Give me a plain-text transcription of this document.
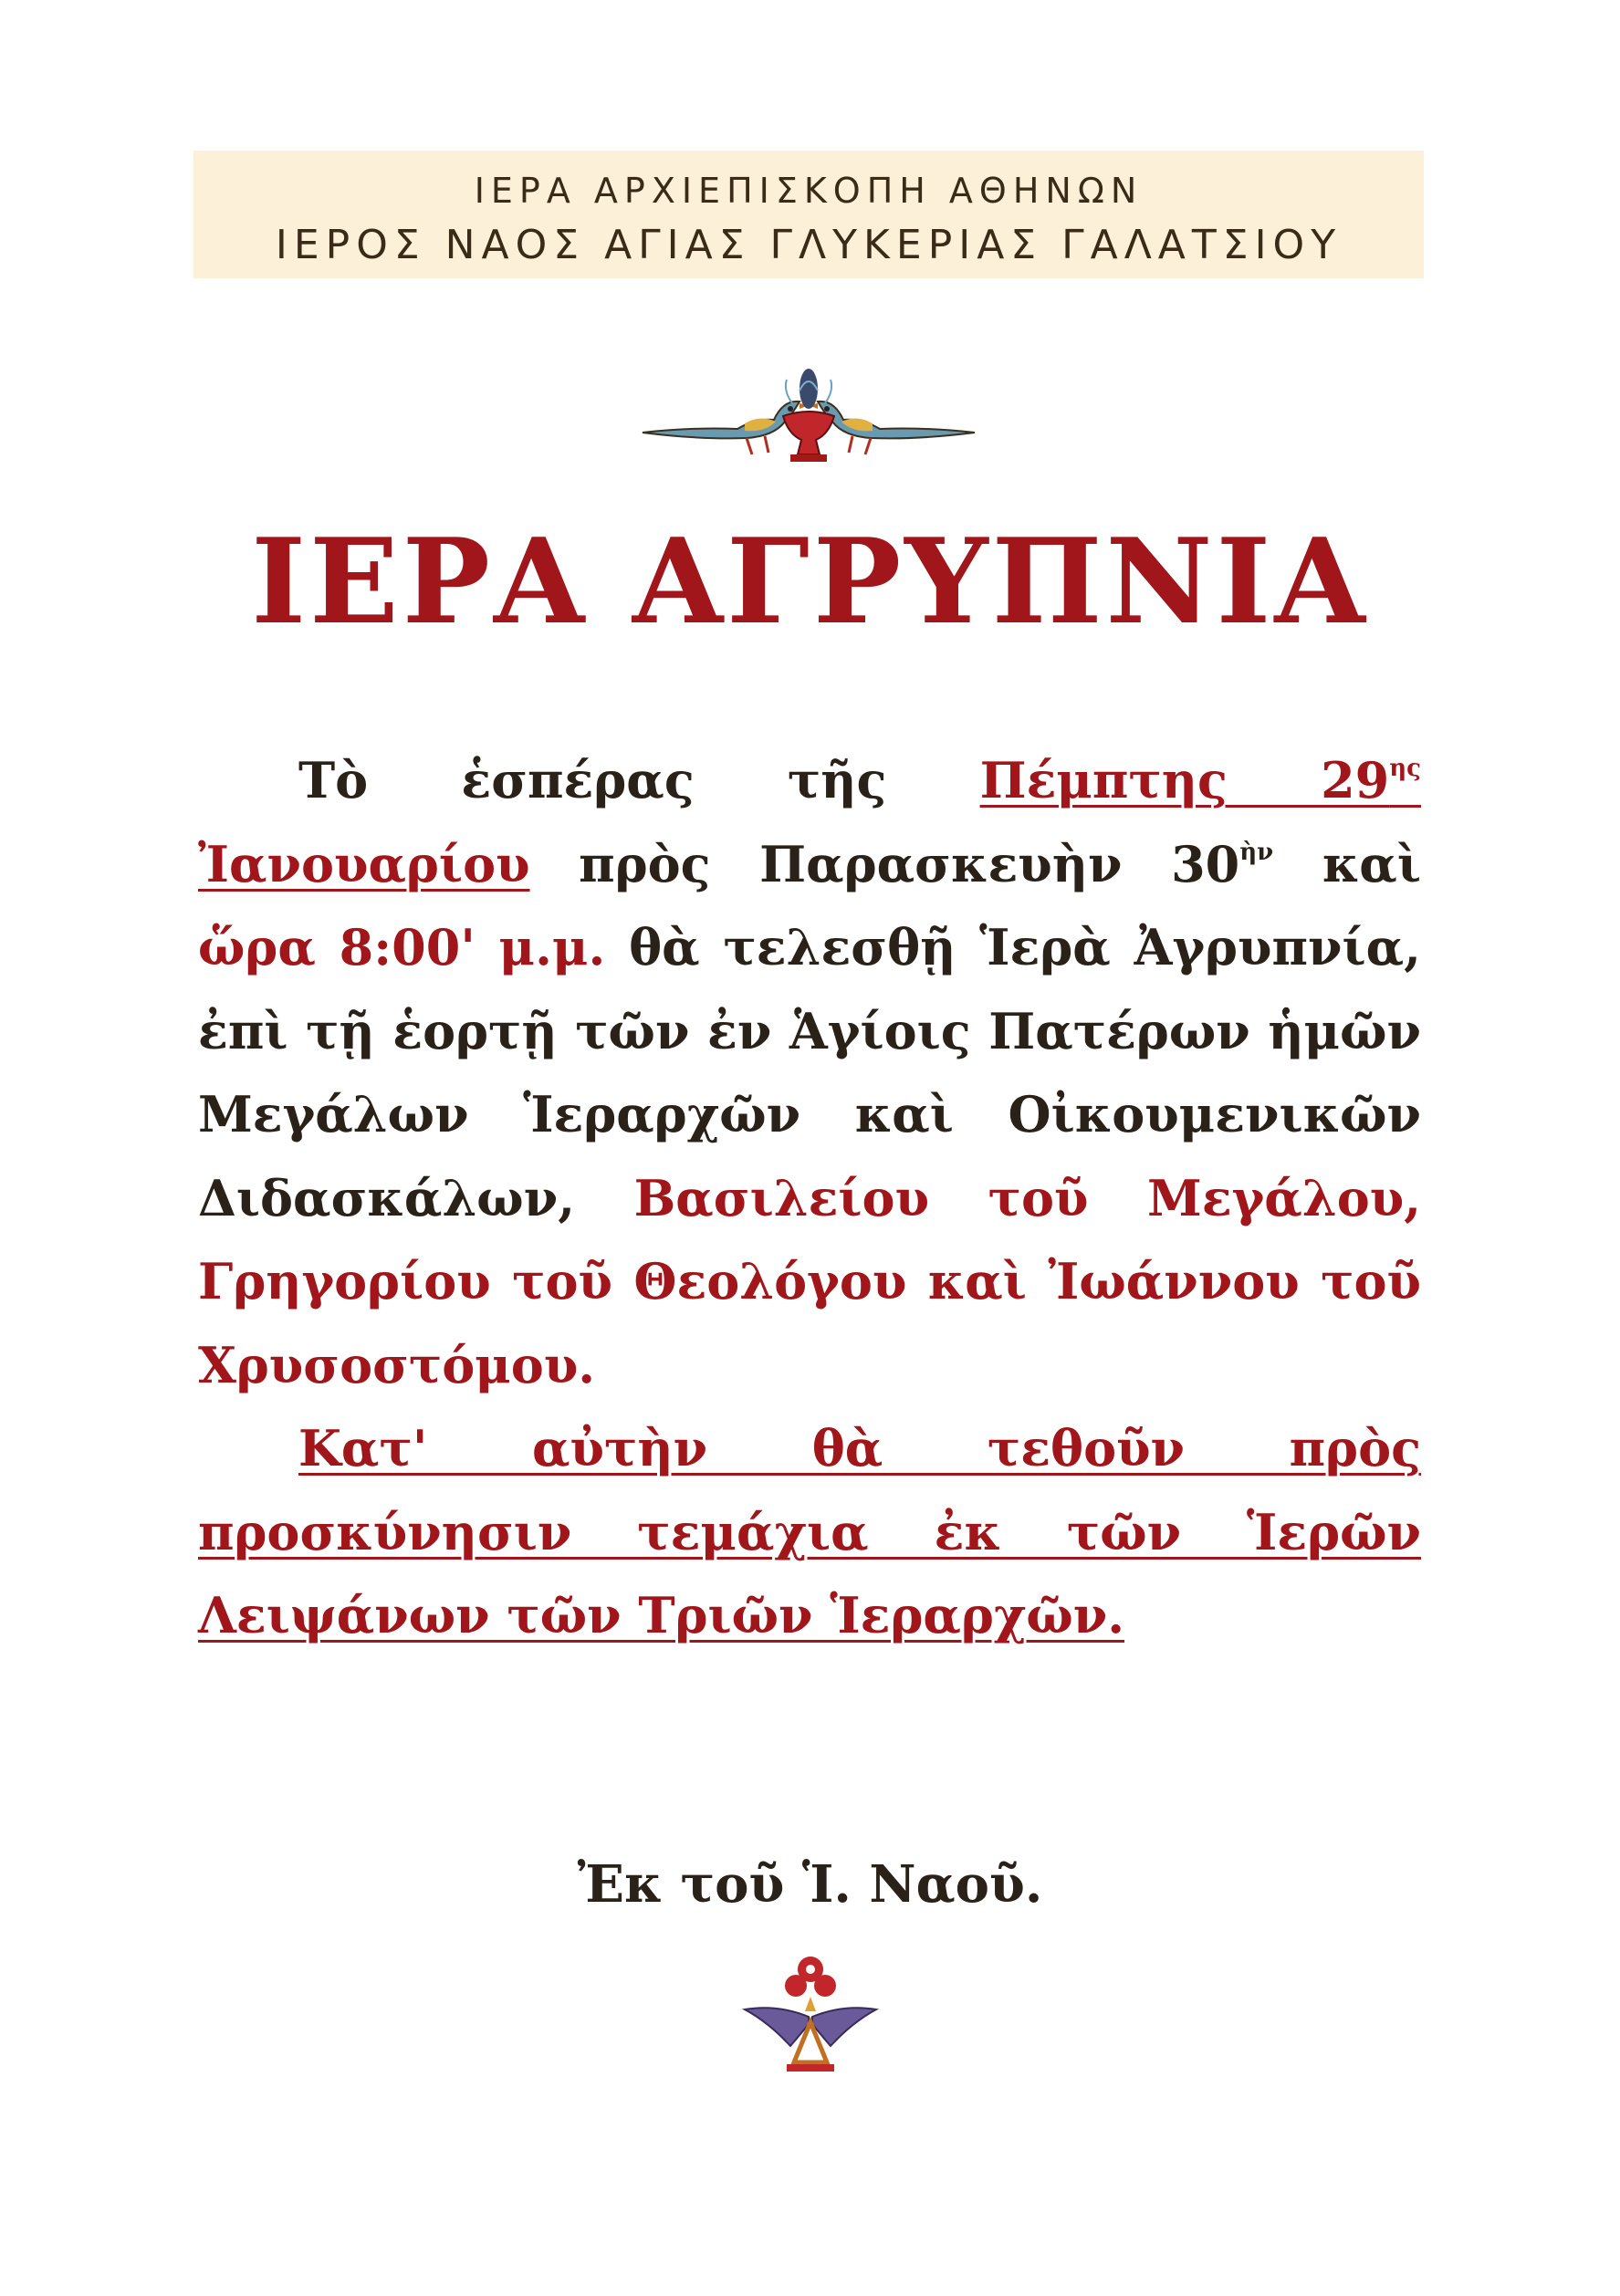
ΙΕΡΑ ΑΡΧΙΕΠΙΣΚΟΠΗ ΑΘΗΝΩΝ
ΙΕΡΟΣ ΝΑΟΣ ΑΓΙΑΣ ΓΛΥΚΕΡΙΑΣ ΓΑΛΑΤΣΙΟΥ
ΙΕΡΑ ΑΓΡΥΠΝΙΑ

Τὸ ἑσπέρας τῆς Πέμπτης $29^{\eta\varsigma}$ Ἰανουαρίου πρὸς Παρασκευὴν $30^{ὴ\nu}$ καὶ ὥρα 8:00' μ.μ. θὰ τελεσθῇ Ἱερὰ Ἀγρυπνία, ἐπὶ τῇ ἑορτῇ τῶν ἐν Ἁγίοις Πατέρων ἡμῶν Μεγάλων Ἱεραρχῶν καὶ Οἰκουμενικῶν Διδασκάλων, Βασιλείου τοῦ Μεγάλου, Γρηγορίου τοῦ Θεολόγου καὶ Ἰωάννου τοῦ Χρυσοστόμου.

Κατ' αὐτὴν θὰ τεθοῦν πρὸς προσκύνησιν τεμάχια ἐκ τῶν Ἱερῶν Λειψάνων τῶν Τριῶν Ἱεραρχῶν.

Ἐκ τοῦ Ἱ. Ναοῦ.
